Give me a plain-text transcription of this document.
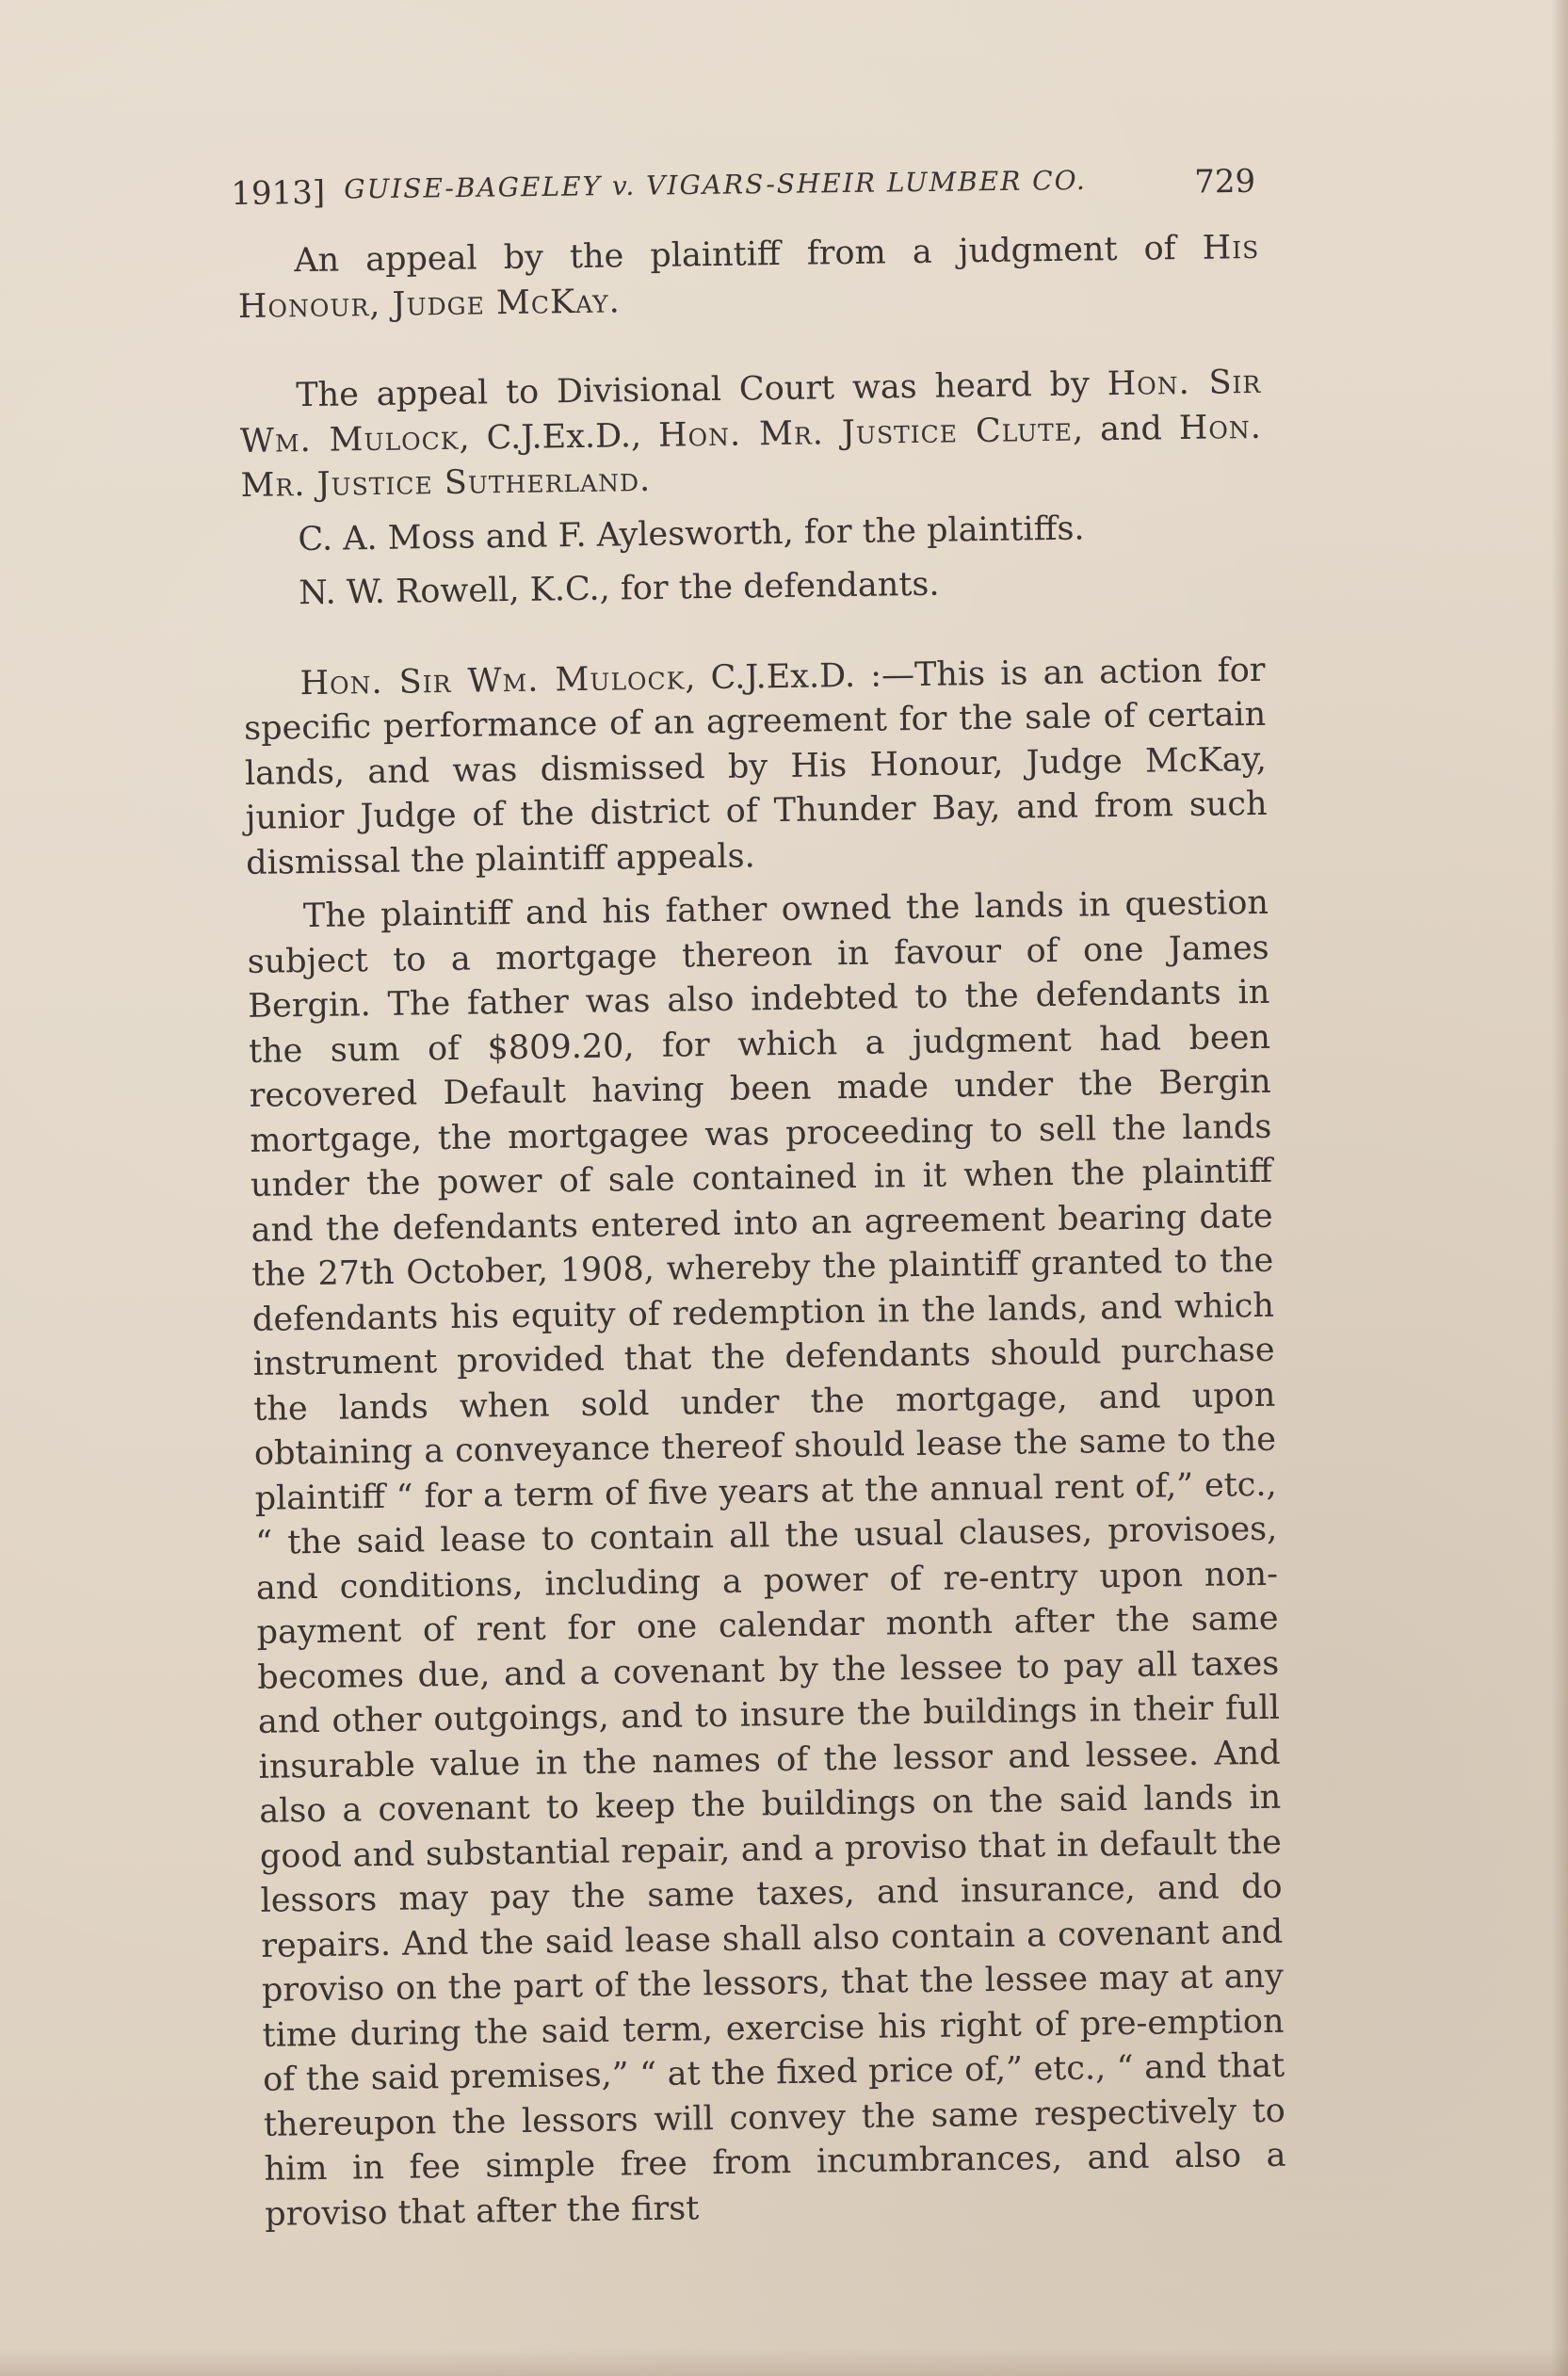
1913] GUISE-BAGELEY v. VIGARS-SHEIR LUMBER CO.	729

An appeal by the plaintiff from a judgment of His Honour, Judge McKay.

The appeal to Divisional Court was heard by Hon. Sir Wm. Mulock, C.J.Ex.D., Hon. Mr. Justice Clute, and Hon. Mr. Justice Sutherland.

C. A. Moss and F. Aylesworth, for the plaintiffs.

N. W. Rowell, K.C., for the defendants.

Hon. Sir Wm. Mulock, C.J.Ex.D. :—This is an action for specific performance of an agreement for the sale of certain lands, and was dismissed by His Honour, Judge McKay, junior Judge of the district of Thunder Bay, and from such dismissal the plaintiff appeals.

The plaintiff and his father owned the lands in question subject to a mortgage thereon in favour of one James Bergin. The father was also indebted to the defendants in the sum of $809.20, for which a judgment had been recovered Default having been made under the Bergin mortgage, the mortgagee was proceeding to sell the lands under the power of sale contained in it when the plaintiff and the defendants entered into an agreement bearing date the 27th October, 1908, whereby the plaintiff granted to the defendants his equity of redemption in the lands, and which instrument provided that the defendants should purchase the lands when sold under the mortgage, and upon obtaining a conveyance thereof should lease the same to the plaintiff “ for a term of five years at the annual rent of,” etc., “ the said lease to contain all the usual clauses, provisoes, and conditions, including a power of re-entry upon non-payment of rent for one calendar month after the same becomes due, and a covenant by the lessee to pay all taxes and other outgoings, and to insure the buildings in their full insurable value in the names of the lessor and lessee. And also a covenant to keep the buildings on the said lands in good and substantial repair, and a proviso that in default the lessors may pay the same taxes, and insurance, and do repairs. And the said lease shall also contain a covenant and proviso on the part of the lessors, that the lessee may at any time during the said term, exercise his right of pre-emption of the said premises,” “ at the fixed price of,” etc., “ and that thereupon the lessors will convey the same respectively to him in fee simple free from incumbrances, and also a proviso that after the first
